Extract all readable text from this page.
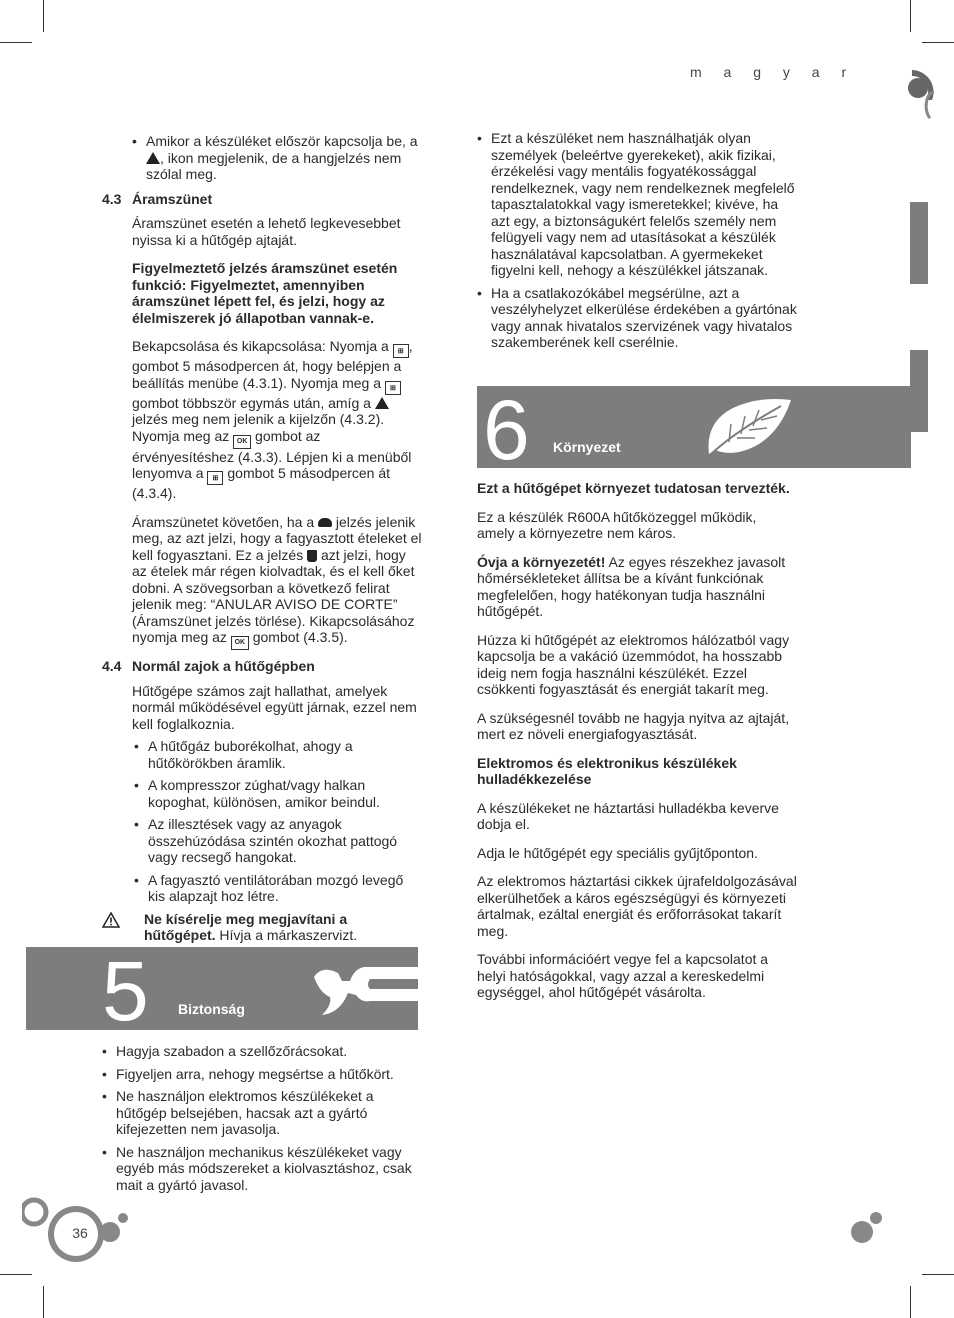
m a g y a r
• Amikor a készüléket először kapcsolja be, a , ikon megjelenik, de a hangjelzés nem szólal meg.
4.3 Áramszünet

Áramszünet esetén a lehető legkevesebbet nyissa ki a hűtőgép ajtaját.

Figyelmeztető jelzés áramszünet esetén funkció: Figyelmeztet, amennyiben áramszünet lépett fel, és jelzi, hogy az élelmiszerek jó állapotban vannak-e.

Bekapcsolása és kikapcsolása: Nyomja a ⊞ , gombot 5 másodpercen át, hogy belépjen a beállítás menübe (4.3.1). Nyomja meg a ⊞ gombot többször egymás után, amíg a  jelzés meg nem jelenik a kijelzőn (4.3.2). Nyomja meg az OK gombot az érvényesítéshez (4.3.3). Lépjen ki a menüből lenyomva a ⊞ gombot 5 másodpercen át (4.3.4).

Áramszünetet követően, ha a  jelzés jelenik meg, az azt jelzi, hogy a fagyasztott ételeket el kell fogyasztani. Ez a jelzés  azt jelzi, hogy az ételek már régen kiolvadtak, és el kell őket dobni. A szövegsorban a következő felirat jelenik meg: “ANULAR AVISO DE CORTE” (Áramszünet jelzés törlése). Kikapcsolásához nyomja meg az OK gombot (4.3.5).

4.4 Normál zajok a hűtőgépben

Hűtőgépe számos zajt hallathat, amelyek normál működésével együtt járnak, ezzel nem kell foglalkoznia.

• A hűtőgáz buborékolhat, ahogy a hűtőkörökben áramlik.
• A kompresszor zúghat/vagy halkan kopoghat, különösen, amikor beindul.
• Az illesztések vagy az anyagok összehúzódása szintén okozhat pattogó vagy recsegő hangokat.
• A fagyasztó ventilátorában mozgó levegő kis alapzajt hoz létre.
Ne kísérelje meg megjavítani a hűtőgépet. Hívja a márkaszervizt.
5 Biztonság
• Hagyja szabadon a szellőzőrácsokat.
• Figyeljen arra, nehogy megsértse a hűtőkört.
• Ne használjon elektromos készülékeket a hűtőgép belsejében, hacsak azt a gyártó kifejezetten nem javasolja.
• Ne használjon mechanikus készülékeket vagy egyéb más módszereket a kiolvasztáshoz, csak mait a gyártó javasol.
36
• Ezt a készüléket nem használhatják olyan személyek (beleértve gyerekeket), akik fizikai, érzékelési vagy mentális fogyatékossággal rendelkeznek, vagy nem rendelkeznek megfelelő tapasztalatokkal vagy ismeretekkel; kivéve, ha azt egy, a biztonságukért felelős személy nem felügyeli vagy nem ad utasításokat a készülék használatával kapcsolatban. A gyermekeket figyelni kell, nehogy a készülékkel játszanak.
• Ha a csatlakozókábel megsérülne, azt a veszélyhelyzet elkerülése érdekében a gyártónak vagy annak hivatalos szervizének vagy hivatalos szakemberének kell cserélnie.
6 Környezet

Ezt a hűtőgépet környezet tudatosan tervezték.

Ez a készülék R600A hűtőközeggel működik, amely a környezetre nem káros.

Óvja a környezetét! Az egyes részekhez javasolt hőmérsékleteket állítsa be a kívánt funkciónak megfelelően, hogy hatékonyan tudja használni hűtőgépét.

Húzza ki hűtőgépét az elektromos hálózatból vagy kapcsolja be a vakáció üzemmódot, ha hosszabb ideig nem fogja használni készülékét. Ezzel csökkenti fogyasztását és energiát takarít meg.

A szükségesnél tovább ne hagyja nyitva az ajtaját, mert ez növeli energiafogyasztását.

Elektromos és elektronikus készülékek hulladékkezelése

A készülékeket ne háztartási hulladékba keverve dobja el.

Adja le hűtőgépét egy speciális gyűjtőponton.

Az elektromos háztartási cikkek újrafeldolgozásával elkerülhetőek a káros egészségügyi és környezeti ártalmak, ezáltal energiát és erőforrásokat takarít meg.

További információért vegye fel a kapcsolatot a helyi hatóságokkal, vagy azzal a kereskedelmi egységgel, ahol hűtőgépét vásárolta.
